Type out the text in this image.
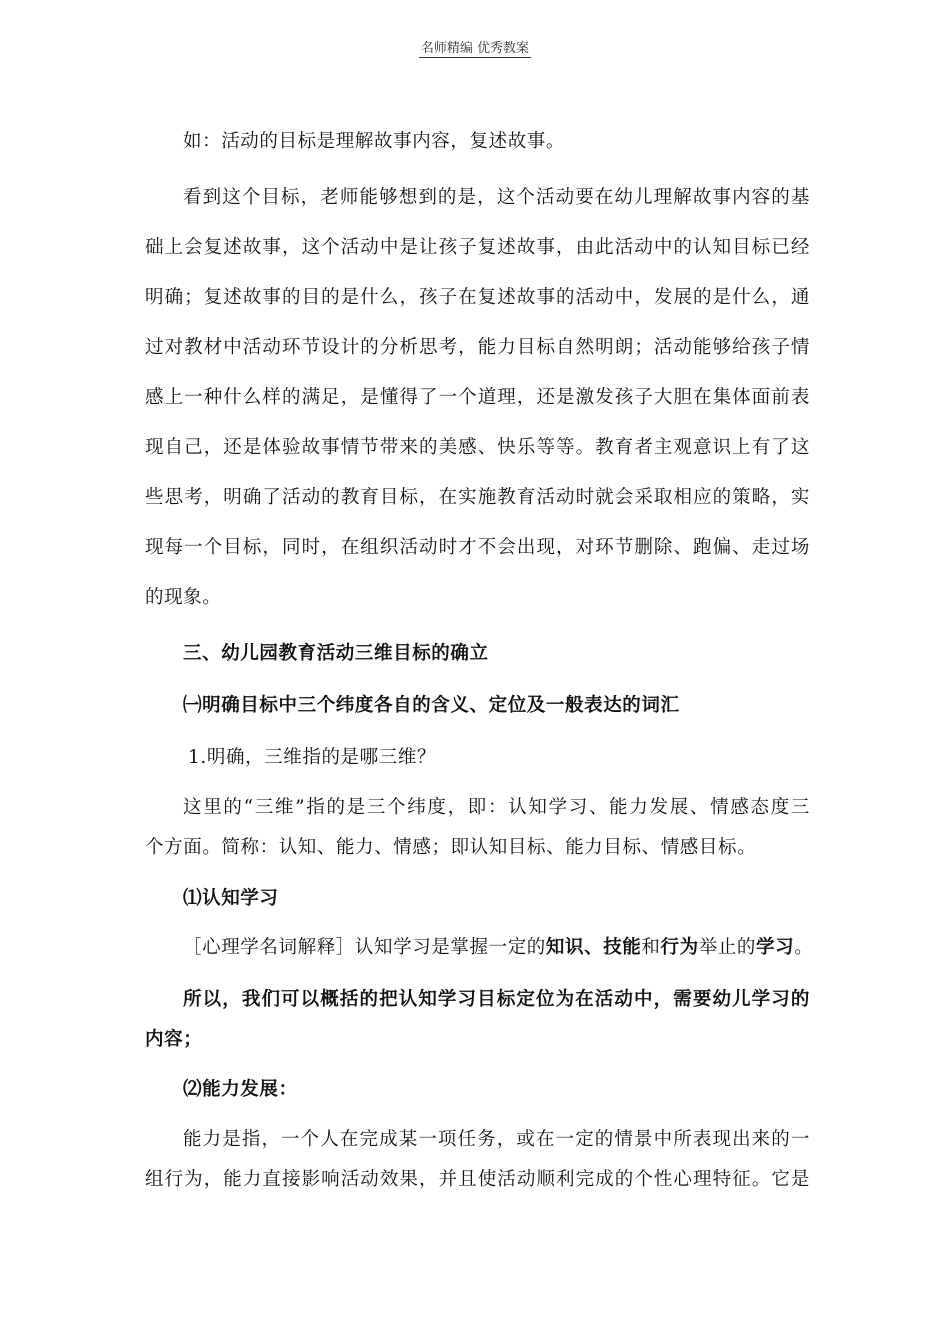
名师精编 优秀教案
如：活动的目标是理解故事内容，复述故事。
看到这个目标，老师能够想到的是，这个活动要在幼儿理解故事内容的基
础上会复述故事，这个活动中是让孩子复述故事，由此活动中的认知目标已经
明确；复述故事的目的是什么，孩子在复述故事的活动中，发展的是什么，通
过对教材中活动环节设计的分析思考，能力目标自然明朗；活动能够给孩子情
感上一种什么样的满足，是懂得了一个道理，还是激发孩子大胆在集体面前表
现自己，还是体验故事情节带来的美感、快乐等等。教育者主观意识上有了这
些思考，明确了活动的教育目标，在实施教育活动时就会采取相应的策略，实
现每一个目标，同时，在组织活动时才不会出现，对环节删除、跑偏、走过场
的现象。
三、幼儿园教育活动三维目标的确立
㈠明确目标中三个纬度各自的含义、定位及一般表达的词汇
1.明确，三维指的是哪三维？
这里的“三维”指的是三个纬度，即：认知学习、能力发展、情感态度三
个方面。简称：认知、能力、情感；即认知目标、能力目标、情感目标。
⑴认知学习
［心理学名词解释］认知学习是掌握一定的知识、技能和行为举止的学习。
所以，我们可以概括的把认知学习目标定位为在活动中，需要幼儿学习的
内容；
⑵能力发展：
能力是指，一个人在完成某一项任务，或在一定的情景中所表现出来的一
组行为，能力直接影响活动效果，并且使活动顺利完成的个性心理特征。它是
